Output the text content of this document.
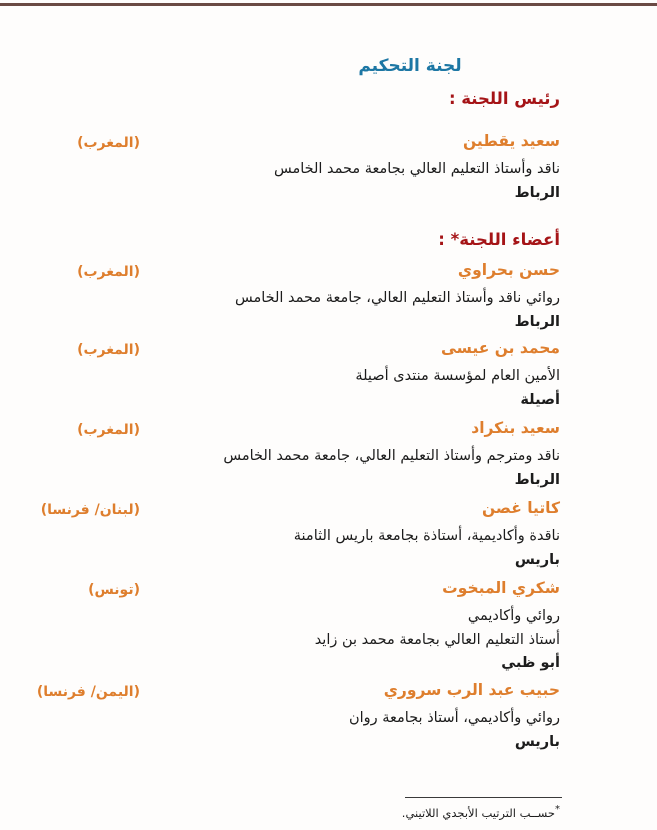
لجنة التحكيم
رئيس اللجنة :
سعيد يقطين
ناقد وأستاذ التعليم العالي بجامعة محمد الخامس
الرباط
(المغرب)
أعضاء اللجنة* :
حسن بحراوي
روائي ناقد وأستاذ التعليم العالي، جامعة محمد الخامس
الرباط
(المغرب)
محمد بن عيسى
الأمين العام لمؤسسة منتدى أصيلة
أصيلة
(المغرب)
سعيد بنكراد
ناقد ومترجم وأستاذ التعليم العالي، جامعة محمد الخامس
الرباط
(المغرب)
كاتيا غصن
ناقدة وأكاديمية، أستاذة بجامعة باريس الثامنة
باريس
(لبنان/ فرنسا)
شكري المبخوت
روائي وأكاديمي
أستاذ التعليم العالي بجامعة محمد بن زايد
أبو ظبي
(تونس)
حبيب عبد الرب سروري
روائي وأكاديمي، أستاذ بجامعة روان
باريس
(اليمن/ فرنسا)
*حســب الترتيب الأبجدي اللاتيني.
